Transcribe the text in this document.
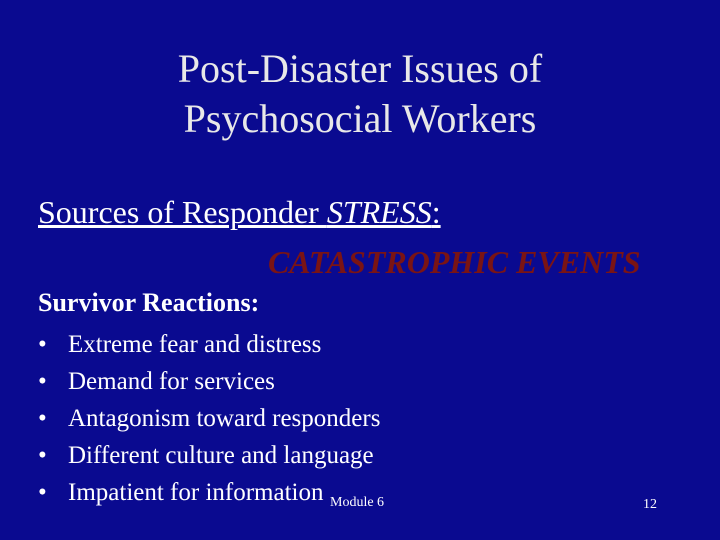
Post-Disaster Issues of
Psychosocial Workers
Sources of Responder STRESS:
CATASTROPHIC EVENTS
Survivor Reactions:
• Extreme fear and distress
• Demand for services
• Antagonism toward responders
• Different culture and language
• Impatient for information Module 6	12
